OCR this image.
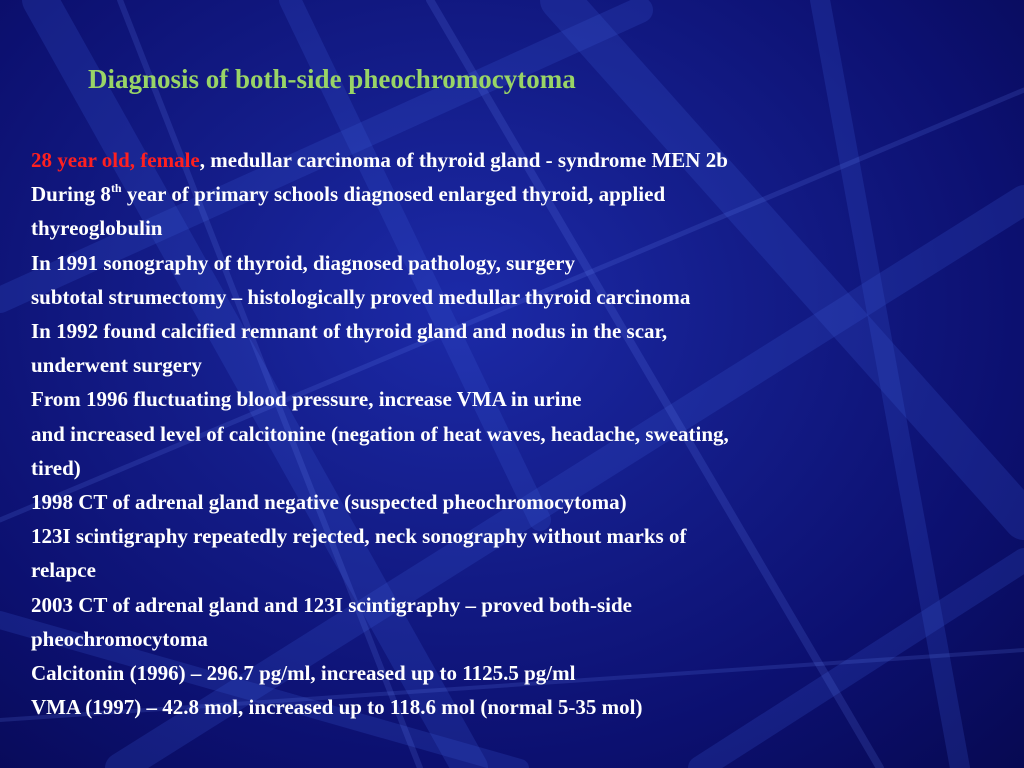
Diagnosis of both-side pheochromocytoma
28 year old, female, medullar carcinoma of thyroid gland - syndrome MEN 2b
During 8th year of primary schools diagnosed enlarged thyroid, applied
thyreoglobulin
In 1991 sonography of thyroid, diagnosed pathology, surgery
subtotal strumectomy – histologically proved medullar thyroid carcinoma
In 1992 found calcified remnant of thyroid gland and nodus in the scar,
underwent surgery
From 1996 fluctuating blood pressure, increase VMA in urine
and increased level of calcitonine (negation of heat waves, headache, sweating,
tired)
1998 CT of adrenal gland negative (suspected pheochromocytoma)
123I scintigraphy repeatedly rejected, neck sonography without marks of
relapce
2003 CT of adrenal gland and 123I scintigraphy – proved both-side
pheochromocytoma
Calcitonin (1996) – 296.7 pg/ml, increased up to 1125.5 pg/ml
VMA (1997) – 42.8 mol, increased up to 118.6 mol (normal 5-35 mol)
